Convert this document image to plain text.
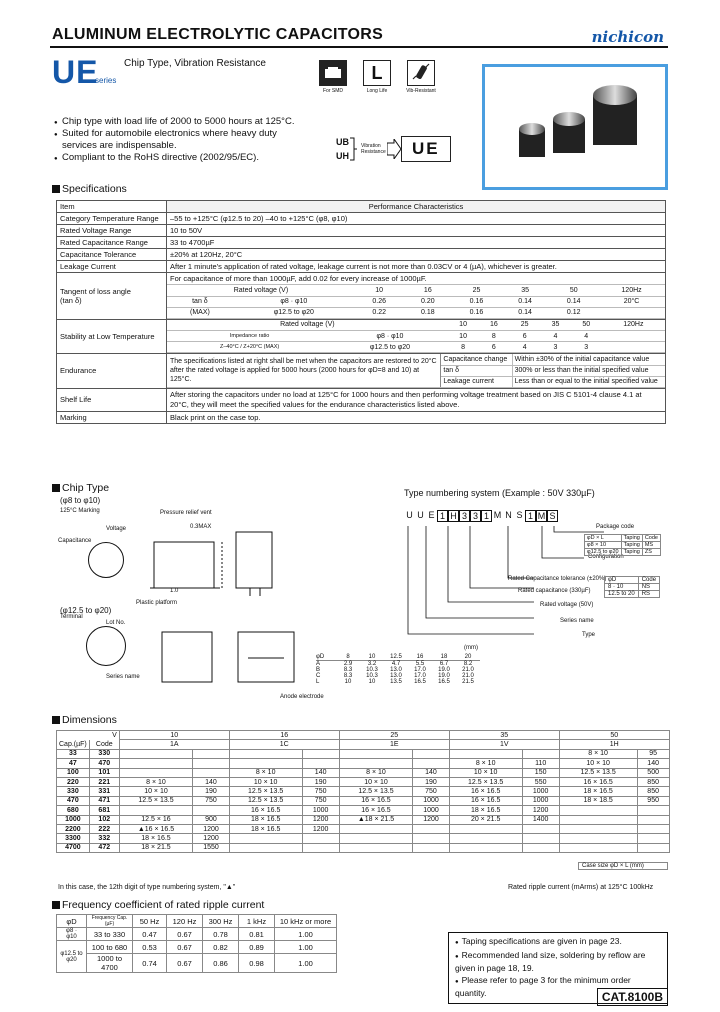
ALUMINUM ELECTROLYTIC CAPACITORS	nichicon
UE
series
Chip Type, Vibration Resistance
For SMD
L
Long Life	Vib-Resistant
● Chip type with load life of 2000 to 5000 hours at 125°C.
● Suited for automobile electronics where heavy duty
services are indispensable.
● Compliant to the RoHS directive (2002/95/EC).
UB
UH
Vibration Resistance	UE
Specifications
Item	Performance Characteristics
Category Temperature Range	–55 to +125°C (φ12.5 to 20) –40 to +125°C (φ8, φ10)
Rated Voltage Range	10 to 50V
Rated Capacitance Range	33 to 4700µF
Capacitance Tolerance	±20% at 120Hz, 20°C
Leakage Current	After 1 minute's application of rated voltage, leakage current is not more than 0.03CV or 4 (µA), whichever is greater.

Tangent of loss angle
(tan δ)

For capacitance of more than 1000µF, add 0.02 for every increase of 1000µF.
Rated voltage (V)	10	16	25	35	50	120Hz
tan δ	φ8 · φ10	0.26	0.20	0.16	0.14	0.14	20°C
(MAX)	φ12.5 to φ20	0.22	0.18	0.16	0.14	0.12	

Stability at Low Temperature	
Rated voltage (V)	10	16	25	35	50	120Hz
Impedance ratio	φ8 · φ10	10	8	6	4	4	
Z–40°C / Z+20°C (MAX)	φ12.5 to φ20	8	6	4	3	3	

Endurance	
The specifications listed at right shall be met when the capacitors are restored to 20°C after the rated voltage is applied for 5000 hours (2000 hours for φD=8 and 10) at 125°C.	Capacitance change	Within ±30% of the initial capacitance value
tan δ	300% or less than the initial specified value
Leakage current	Less than or equal to the initial specified value

Shelf Life	After storing the capacitors under no load at 125°C for 1000 hours and then performing voltage treatment based on JIS C 5101-4 clause 4.1 at 20°C, they will meet the specified values for the endurance characteristics listed above.
Marking	Black print on the case top.
Chip Type
(φ8 to φ10)
(φ12.5 to φ20)
125°C Marking
Voltage
Capacitance
Pressure relief vent
0.3MAX
1.0
Plastic platform
Terminal
Lot No.
Series name
Anode electrode
Type numbering system (Example : 50V 330µF)
U U E 1 H 3 3 1 M N S 1 M S
Package code
Configuration
Rated Capacitance tolerance (±20%)
Rated capacitance (330µF)
Rated voltage (50V)
Series name
Type
φD × L	Taping	Code
φ8 × 10	Taping	MS
φ12.5 to φ20	Taping	ZS
φD	Code
8 · 10	NS
12.5 to 20	RS
(mm)
φD	8	10	12.5	16	18	20
A	2.9	3.2	4.7	5.5	6.7	8.2
B	8.3	10.3	13.0	17.0	19.0	21.0
C	8.3	10.3	13.0	17.0	19.0	21.0
L	10	10	13.5	16.5	16.5	21.5
Dimensions
V		10		16		25		35		50	
Cap.(µF)	Code	1A		1C		1E		1V		1H	
33	330									8 × 10	95
47	470							8 × 10	110	10 × 10	140
100	101			8 × 10	140	8 × 10	140	10 × 10	150	12.5 × 13.5	500
220	221	8 × 10	140	10 × 10	190	10 × 10	190	12.5 × 13.5	550	16 × 16.5	850
330	331	10 × 10	190	12.5 × 13.5	750	12.5 × 13.5	750	16 × 16.5	1000	18 × 16.5	850
470	471	12.5 × 13.5	750	12.5 × 13.5	750	16 × 16.5	1000	16 × 16.5	1000	18 × 18.5	950
680	681			16 × 16.5	1000	16 × 16.5	1000	18 × 16.5	1200		
1000	102	12.5 × 16	900	18 × 16.5	1200	▲18 × 21.5	1200	20 × 21.5	1400		
2200	222	▲16 × 16.5	1200	18 × 16.5	1200						
3300	332	18 × 16.5	1200								
4700	472	18 × 21.5	1550								
In this case, the 12th digit of type numbering system, "▲"
Case size φD × L (mm)
Rated ripple current (mArms) at 125°C 100kHz
Frequency coefficient of rated ripple current
φD	Frequency Cap.(µF)	50 Hz	120 Hz	300 Hz	1 kHz	10 kHz or more
φ8 · φ10	33 to 330	0.47	0.67	0.78	0.81	1.00
φ12.5 to φ20	100 to 680	0.53	0.67	0.82	0.89	1.00
	1000 to 4700	0.74	0.67	0.86	0.98	1.00
● Taping specifications are given in page 23.
● Recommended land size, soldering by reflow are given in page 18, 19.
● Please refer to page 3 for the minimum order quantity.	CAT.8100B
